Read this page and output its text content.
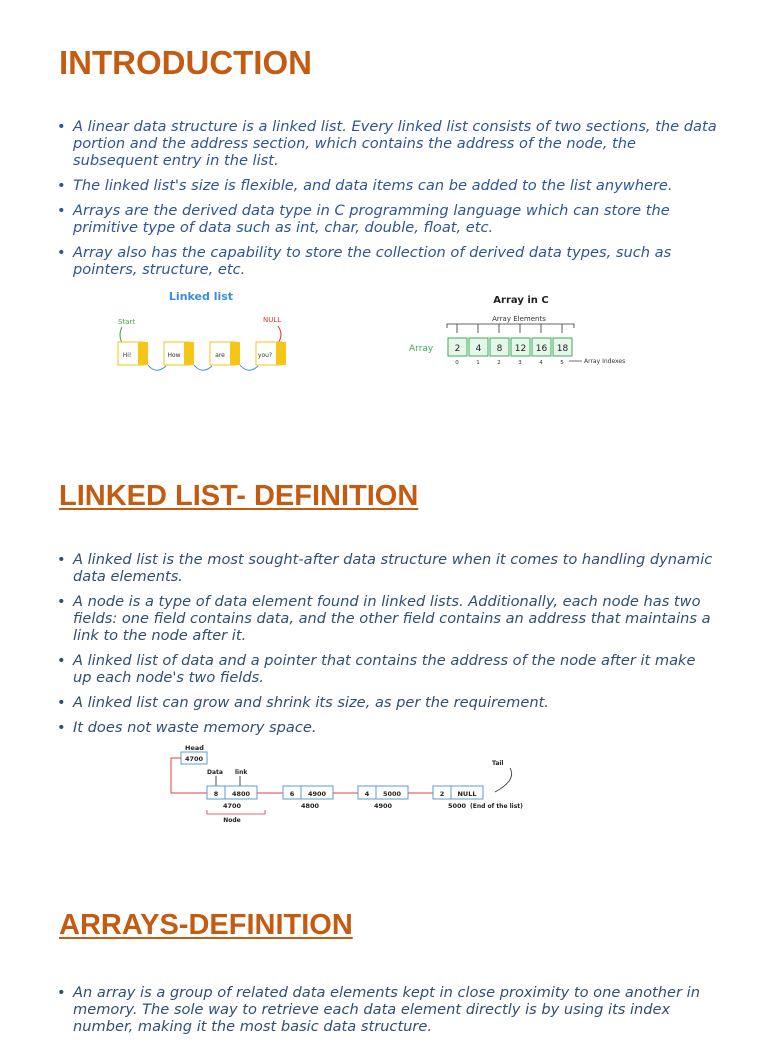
INTRODUCTION
• A linear data structure is a linked list. Every linked list consists of two sections, the data portion and the address section, which contains the address of the node, the subsequent entry in the list.
• The linked list's size is flexible, and data items can be added to the list anywhere.
• Arrays are the derived data type in C programming language which can store the primitive type of data such as int, char, double, float, etc.
• Array also has the capability to store the collection of derived data types, such as pointers, structure, etc.
Linked list
Start	NULL
Hi!	How	are	you?
Array in C
Array Elements
Array 2 4 8 12 16 18
0	1	2	3	4	5	Array Indexes
LINKED LIST- DEFINITION
• A linked list is the most sought-after data structure when it comes to handling dynamic data elements.
• A node is a type of data element found in linked lists. Additionally, each node has two fields: one field contains data, and the other field contains an address that maintains a link to the node after it.
• A linked list of data and a pointer that contains the address of the node after it make up each node's two fields.
• A linked list can grow and shrink its size, as per the requirement.
• It does not waste memory space.
Head
4700
Data link
Tail
8 4800
4700
6 4900
4800
4 5000
4900
2 NULL
5000 (End of the list)
Node
ARRAYS-DEFINITION
• An array is a group of related data elements kept in close proximity to one another in memory. The sole way to retrieve each data element directly is by using its index number, making it the most basic data structure.
